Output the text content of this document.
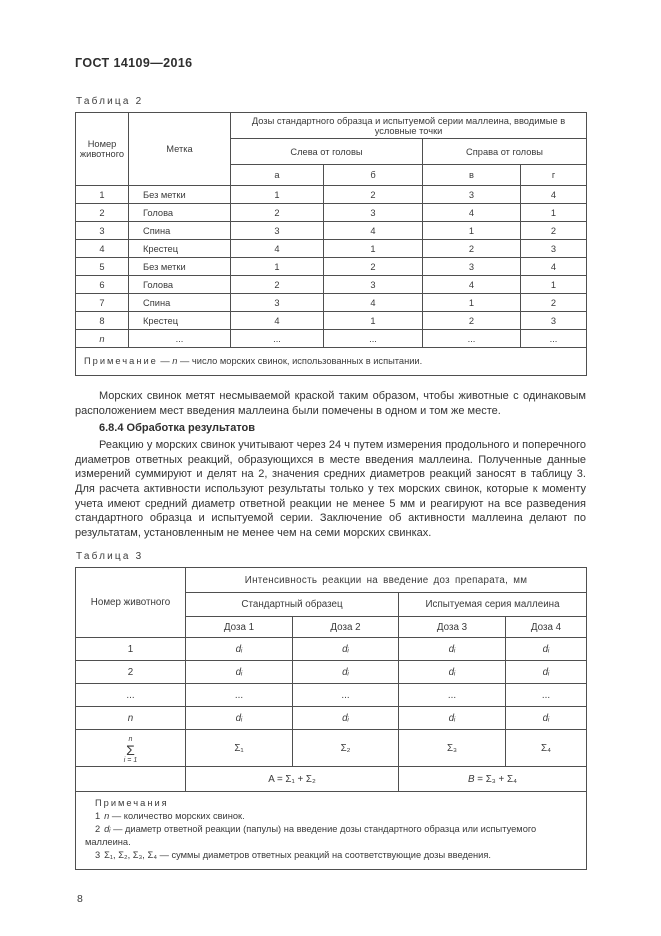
ГОСТ 14109—2016

Таблица 2

Номер животного	Метка	Дозы стандартного образца и испытуемой серии маллеина, вводимые в условные точки			
		Слева от головы		Справа от головы	
		а	б	в	г
1	Без метки	1	2	3	4
2	Голова	2	3	4	1
3	Спина	3	4	1	2
4	Крестец	4	1	2	3
5	Без метки	1	2	3	4
6	Голова	2	3	4	1
7	Спина	3	4	1	2
8	Крестец	4	1	2	3
n	...	...	...	...	...
Примечание — n — число морских свинок, использованных в испытании.					

Морских свинок метят несмываемой краской таким образом, чтобы животные с одинаковым расположением мест введения маллеина были помечены в одном и том же месте.

6.8.4 Обработка результатов

Реакцию у морских свинок учитывают через 24 ч путем измерения продольного и поперечного диаметров ответных реакций, образующихся в месте введения маллеина. Полученные данные измерений суммируют и делят на 2, значения средних диаметров реакций заносят в таблицу 3. Для расчета активности используют результаты только у тех морских свинок, которые к моменту учета имеют средний диаметр ответной реакции не менее 5 мм и реагируют на все разведения стандартного образца и испытуемой серии. Заключение об активности маллеина делают по результатам, установленным не менее чем на семи морских свинках.

Таблица 3

Номер животного	Интенсивность реакции на введение доз препарата, мм			
	Стандартный образец		Испытуемая серия маллеина	
	Доза 1	Доза 2	Доза 3	Доза 4
1	dᵢ	dᵢ	dᵢ	dᵢ
2	dᵢ	dᵢ	dᵢ	dᵢ
...	...	...	...	...
n	dᵢ	dᵢ	dᵢ	dᵢ

n
Σ
i = 1	Σ₁	Σ₂	Σ₃	Σ₄
	A = Σ₁ + Σ₂		B = Σ₃ + Σ₄	

Примечания

1 n — количество морских свинок.

2 dᵢ — диаметр ответной реакции (папулы) на введение дозы стандартного образца или испытуемого маллеина.

3 Σ₁, Σ₂, Σ₃, Σ₄ — суммы диаметров ответных реакций на соответствующие дозы введения.				

8
